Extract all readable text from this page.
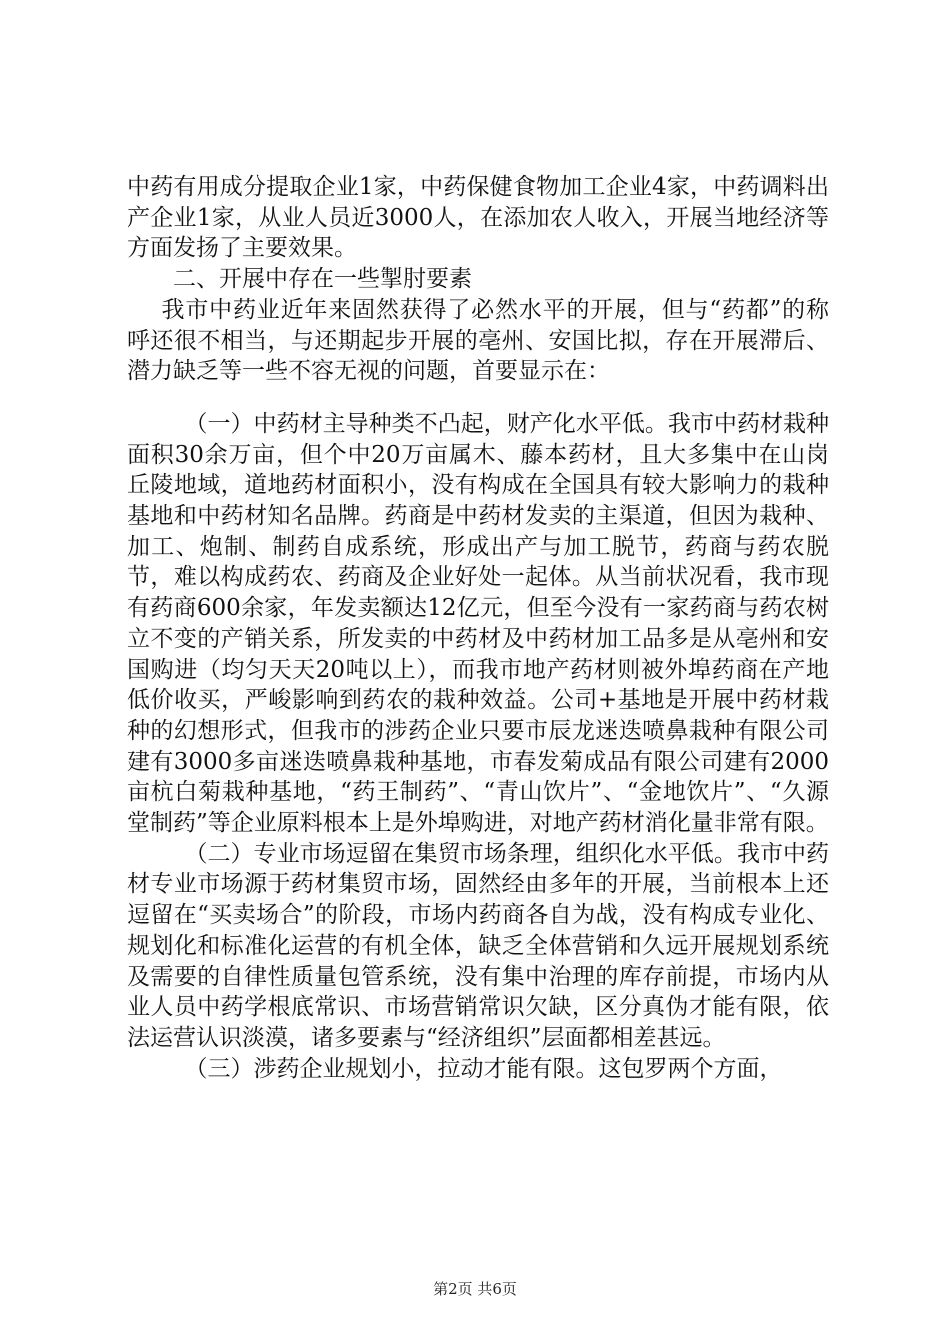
中药有用成分提取企业1家，中药保健食物加工企业4家，中药调料出产企业1家，从业人员近3000人，在添加农人收入，开展当地经济等方面发扬了主要效果。

二、开展中存在一些掣肘要素

我市中药业近年来固然获得了必然水平的开展，但与“药都”的称呼还很不相当，与还期起步开展的亳州、安国比拟，存在开展滞后、潜力缺乏等一些不容无视的问题，首要显示在：

（一）中药材主导种类不凸起，财产化水平低。我市中药材栽种面积30余万亩，但个中20万亩属木、藤本药材，且大多集中在山岗丘陵地域，道地药材面积小，没有构成在全国具有较大影响力的栽种基地和中药材知名品牌。药商是中药材发卖的主渠道，但因为栽种、加工、炮制、制药自成系统，形成出产与加工脱节，药商与药农脱节，难以构成药农、药商及企业好处一起体。从当前状况看，我市现有药商600余家，年发卖额达12亿元，但至今没有一家药商与药农树立不变的产销关系，所发卖的中药材及中药材加工品多是从亳州和安国购进（均匀天天20吨以上），而我市地产药材则被外埠药商在产地低价收买，严峻影响到药农的栽种效益。公司+基地是开展中药材栽种的幻想形式，但我市的涉药企业只要市辰龙迷迭喷鼻栽种有限公司建有3000多亩迷迭喷鼻栽种基地，市春发菊成品有限公司建有2000亩杭白菊栽种基地，“药王制药”、“青山饮片”、“金地饮片”、“久源堂制药”等企业原料根本上是外埠购进，对地产药材消化量非常有限。

（二）专业市场逗留在集贸市场条理，组织化水平低。我市中药材专业市场源于药材集贸市场，固然经由多年的开展，当前根本上还逗留在“买卖场合”的阶段，市场内药商各自为战，没有构成专业化、规划化和标准化运营的有机全体，缺乏全体营销和久远开展规划系统及需要的自律性质量包管系统，没有集中治理的库存前提，市场内从业人员中药学根底常识、市场营销常识欠缺，区分真伪才能有限，依法运营认识淡漠，诸多要素与“经济组织”层面都相差甚远。

（三）涉药企业规划小，拉动才能有限。这包罗两个方面，

第2页 共6页
